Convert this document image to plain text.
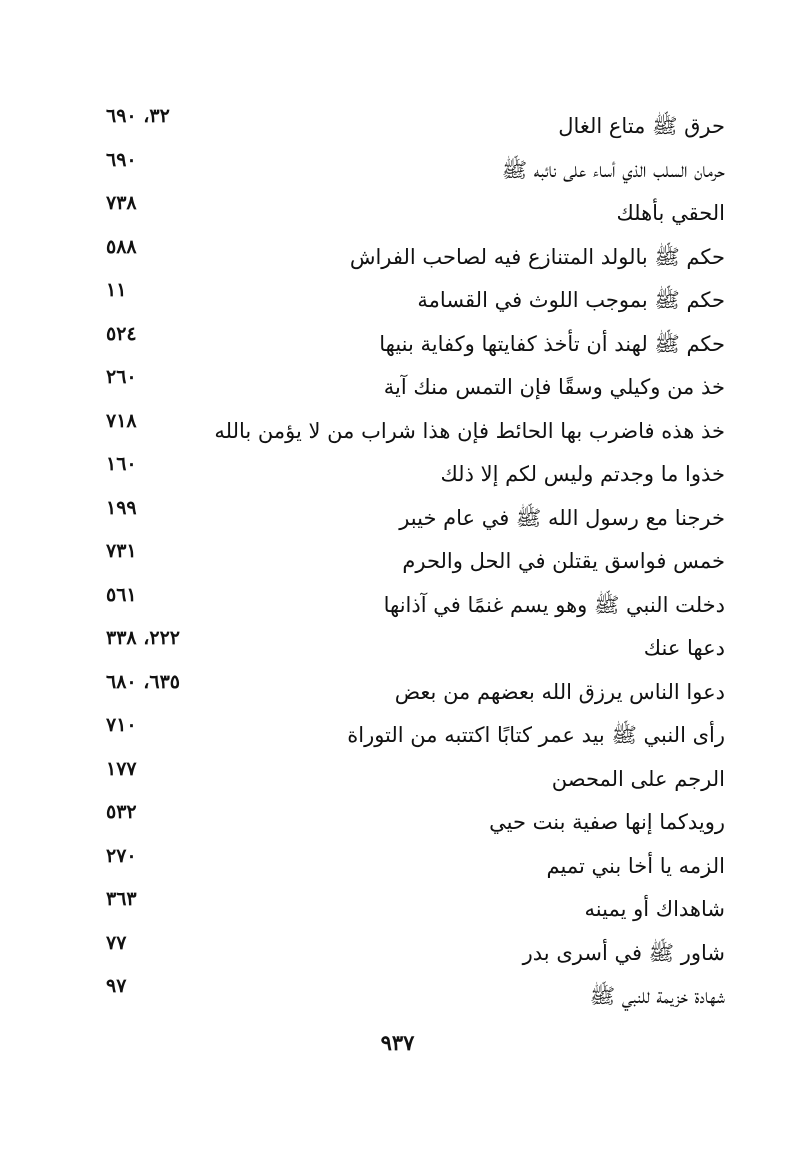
حرق ﷺ متاع الغال
٣٢، ٦٩٠
حرمان السلب الذي أساء على نائبه ﷺ
٦٩٠
الحقي بأهلك
٧٣٨
حكم ﷺ بالولد المتنازع فيه لصاحب الفراش
٥٨٨
حكم ﷺ بموجب اللوث في القسامة
١١
حكم ﷺ لهند أن تأخذ كفايتها وكفاية بنيها
٥٢٤
خذ من وكيلي وسقًا فإن التمس منك آية
٢٦٠
خذ هذه فاضرب بها الحائط فإن هذا شراب من لا يؤمن بالله
٧١٨
خذوا ما وجدتم وليس لكم إلا ذلك
١٦٠
خرجنا مع رسول الله ﷺ في عام خيبر
١٩٩
خمس فواسق يقتلن في الحل والحرم
٧٣١
دخلت النبي ﷺ وهو يسم غنمًا في آذانها
٥٦١
دعها عنك
٢٢٢، ٣٣٨
دعوا الناس يرزق الله بعضهم من بعض
٦٣٥، ٦٨٠
رأى النبي ﷺ بيد عمر كتابًا اكتتبه من التوراة
٧١٠
الرجم على المحصن
١٧٧
رويدكما إنها صفية بنت حيي
٥٣٢
الزمه يا أخا بني تميم
٢٧٠
شاهداك أو يمينه
٣٦٣
شاور ﷺ في أسرى بدر
٧٧
شهادة خزيمة للنبي ﷺ
٩٧
٩٣٧
